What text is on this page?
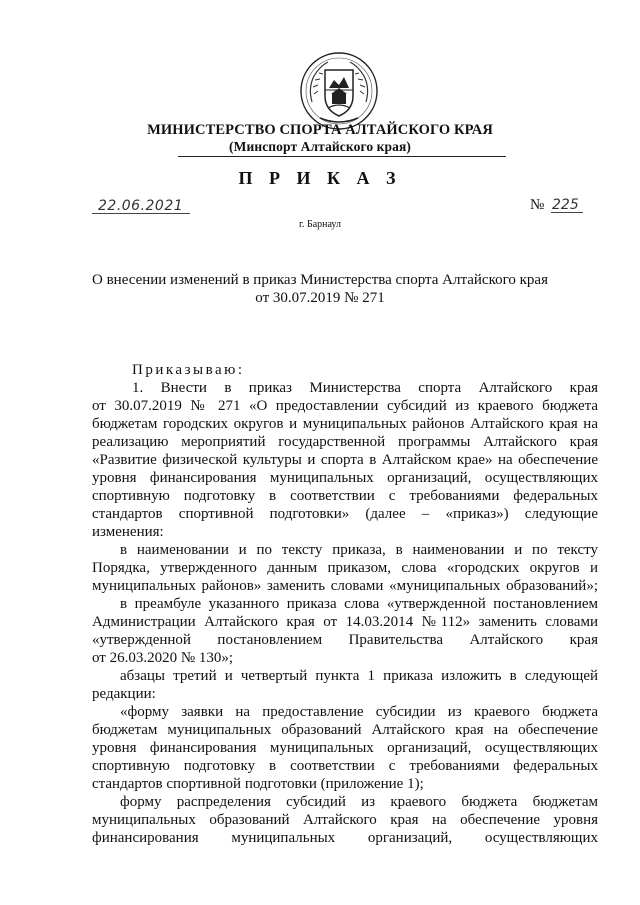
МИНИСТЕРСТВО СПОРТА АЛТАЙСКОГО КРАЯ
(Минспорт Алтайского края)
П Р И К А З
22.06.2021	№ 225
г. Барнаул
О внесении изменений в приказ Министерства спорта Алтайского края
от 30.07.2019 № 271
Приказываю:
1. Внести в приказ Министерства спорта Алтайского края
от 30.07.2019 № 271 «О предоставлении субсидий из краевого бюджета
бюджетам городских округов и муниципальных районов Алтайского края на
реализацию мероприятий государственной программы Алтайского края
«Развитие физической культуры и спорта в Алтайском крае» на обеспечение
уровня финансирования муниципальных организаций, осуществляющих
спортивную подготовку в соответствии с требованиями федеральных
стандартов спортивной подготовки» (далее – «приказ») следующие
изменения:
в наименовании и по тексту приказа, в наименовании и по тексту
Порядка, утвержденного данным приказом, слова «городских округов и
муниципальных районов» заменить словами «муниципальных образований»;
в преамбуле указанного приказа слова «утвержденной постановлением
Администрации Алтайского края от 14.03.2014 №112» заменить словами
«утвержденной постановлением Правительства Алтайского края
от 26.03.2020 № 130»;
абзацы третий и четвертый пункта 1 приказа изложить в следующей
редакции:
«форму заявки на предоставление субсидии из краевого бюджета
бюджетам муниципальных образований Алтайского края на обеспечение
уровня финансирования муниципальных организаций, осуществляющих
спортивную подготовку в соответствии с требованиями федеральных
стандартов спортивной подготовки (приложение 1);
форму распределения субсидий из краевого бюджета бюджетам
муниципальных образований Алтайского края на обеспечение уровня
финансирования муниципальных организаций, осуществляющих
